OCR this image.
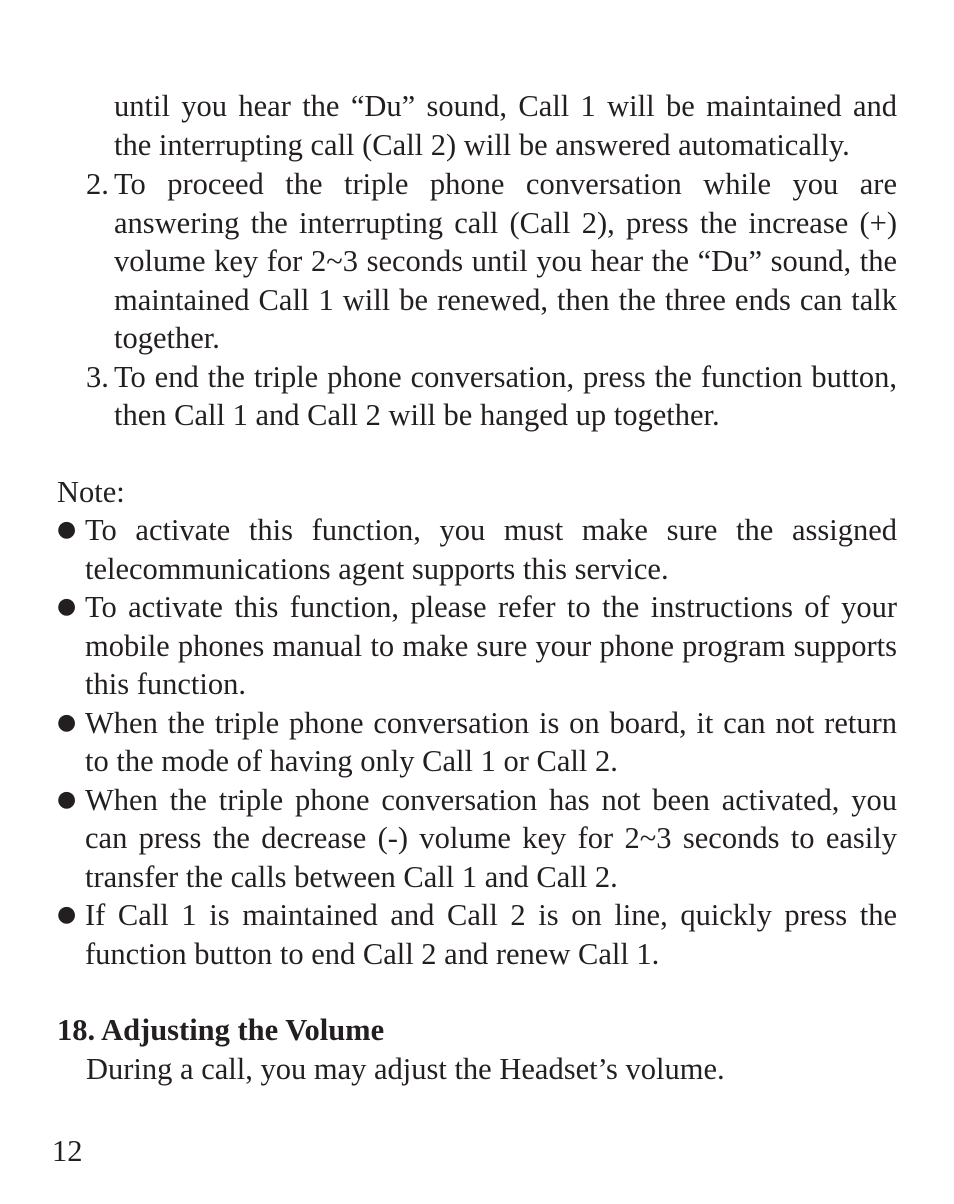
until you hear the “Du” sound, Call 1 will be maintained and the interrupting call (Call 2) will be answered automatically.

2. To proceed the triple phone conversation while you are answering the interrupting call (Call 2), press the increase (+) volume key for 2~3 seconds until you hear the “Du” sound, the maintained Call 1 will be renewed, then the three ends can talk together.
3. To end the triple phone conversation, press the function button, then Call 1 and Call 2 will be hanged up together.
Note:
● To activate this function, you must make sure the assigned telecommunications agent supports this service.
● To activate this function, please refer to the instructions of your mobile phones manual to make sure your phone program supports this function.
● When the triple phone conversation is on board, it can not return to the mode of having only Call 1 or Call 2.
● When the triple phone conversation has not been activated, you can press the decrease (-) volume key for 2~3 seconds to easily transfer the calls between Call 1 and Call 2.
● If Call 1 is maintained and Call 2 is on line, quickly press the function button to end Call 2 and renew Call 1.
18. Adjusting the Volume
During a call, you may adjust the Headset’s volume.
12
